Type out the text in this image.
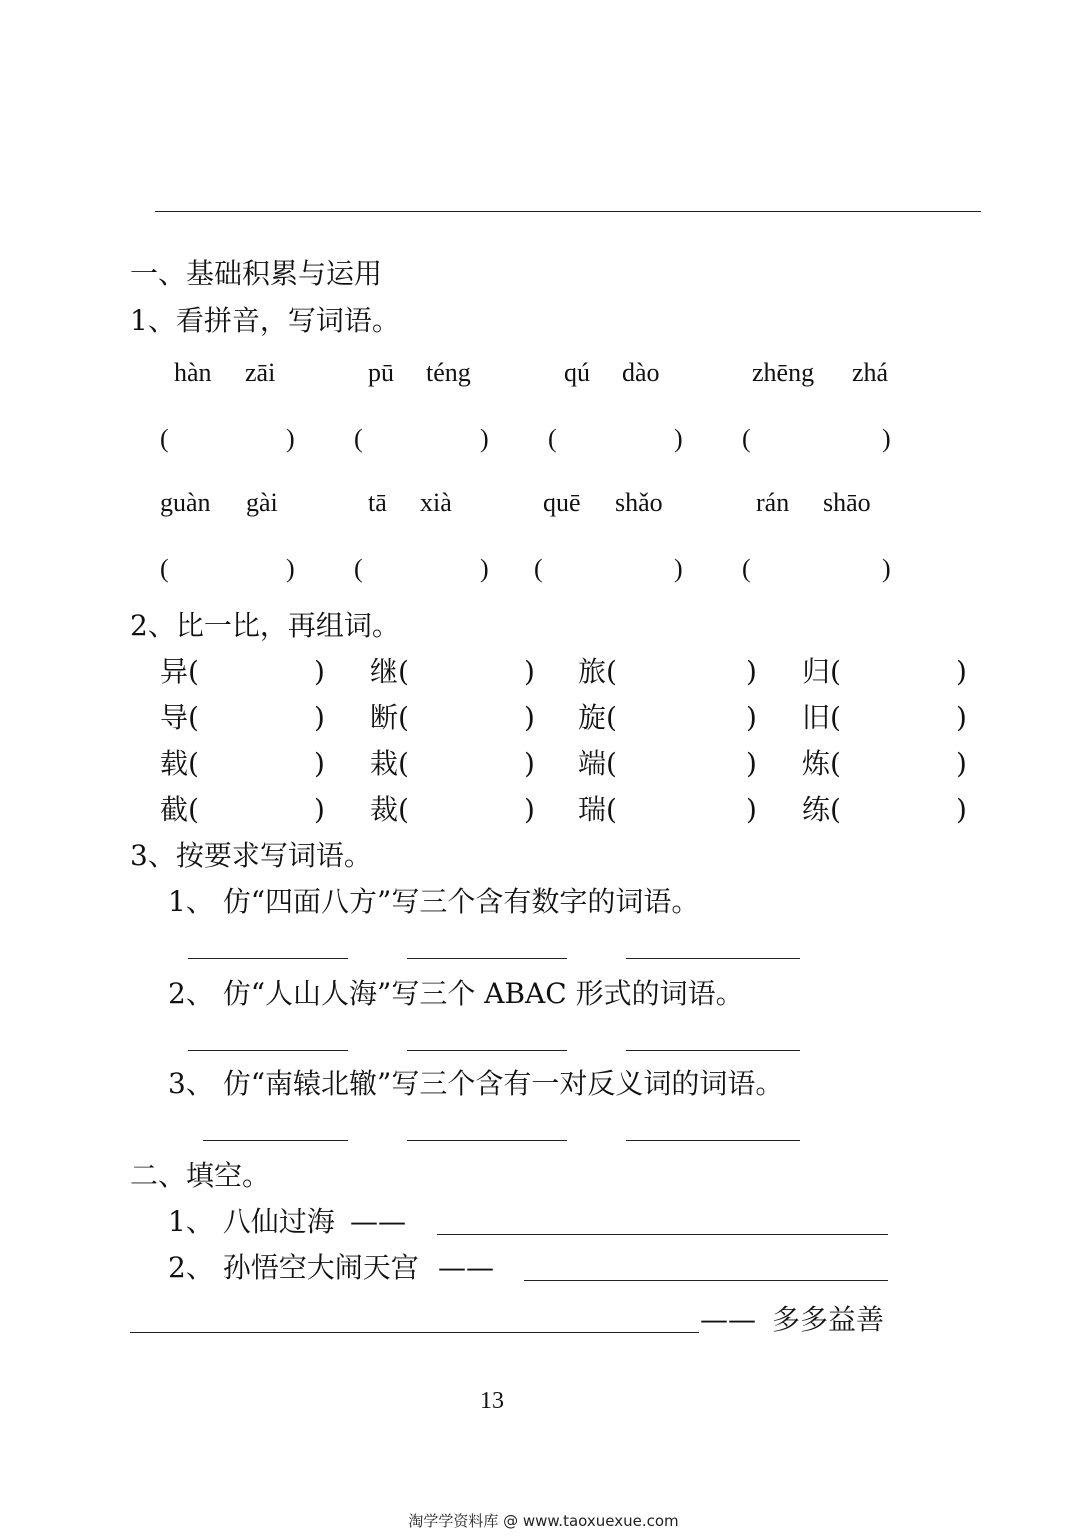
一、基础积累与运用
1、看拼音，写词语。
hàn zāi	pū téng	qú dào	zhēng zhá
(	) (	) (	) (	)
guàn gài	tā xià	quē shǎo	rán shāo
(	) (	) (	) (	)
2、比一比，再组词。
异(	) 继(	) 旅(	) 归(	)
导(	) 断(	) 旋(	) 旧(	)
载(	) 栽(	) 端(	) 炼(	)
截(	) 裁(	) 瑞(	) 练(	)
3、按要求写词语。
1、 仿“四面八方”写三个含有数字的词语。
2、 仿“人山人海”写三个 ABAC 形式的词语。
3、 仿“南辕北辙”写三个含有一对反义词的词语。
二、填空。
1、 八仙过海 ——
2、 孙悟空大闹天宫 ——
—— 多多益善
13
淘学学资料库 @ www.taoxuexue.com
